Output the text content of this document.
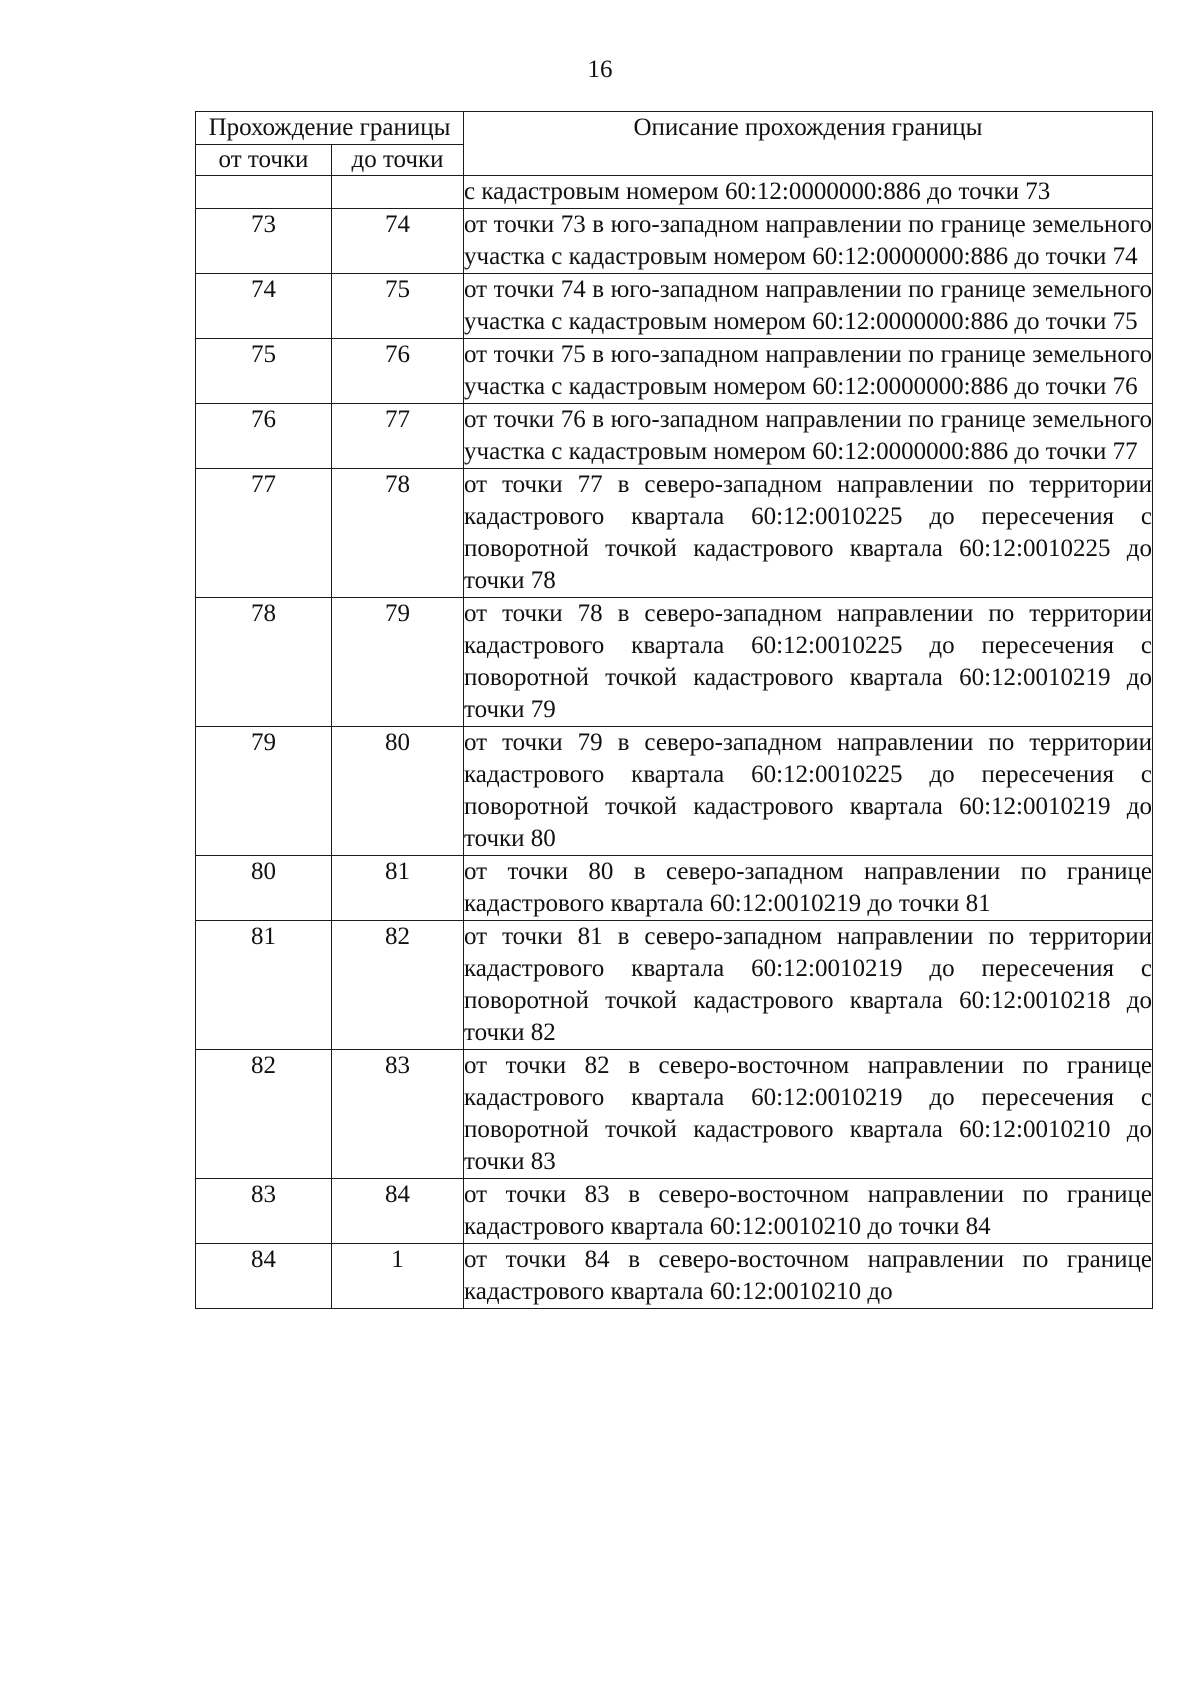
16
Прохождение границы		Описание прохождения границы
от точки	до точки	
		с кадастровым номером 60:12:0000000:886 до точки 73
73	74	от точки 73 в юго-западном направлении по границе земельного участка с кадастровым номером 60:12:0000000:886 до точки 74
74	75	от точки 74 в юго-западном направлении по границе земельного участка с кадастровым номером 60:12:0000000:886 до точки 75
75	76	от точки 75 в юго-западном направлении по границе земельного участка с кадастровым номером 60:12:0000000:886 до точки 76
76	77	от точки 76 в юго-западном направлении по границе земельного участка с кадастровым номером 60:12:0000000:886 до точки 77
77	78	от точки 77 в северо-западном направлении по территории кадастрового квартала 60:12:0010225 до пересечения с поворотной точкой кадастрового квартала 60:12:0010225 до точки 78
78	79	от точки 78 в северо-западном направлении по территории кадастрового квартала 60:12:0010225 до пересечения с поворотной точкой кадастрового квартала 60:12:0010219 до точки 79
79	80	от точки 79 в северо-западном направлении по территории кадастрового квартала 60:12:0010225 до пересечения с поворотной точкой кадастрового квартала 60:12:0010219 до точки 80
80	81	от точки 80 в северо-западном направлении по границе кадастрового квартала 60:12:0010219 до точки 81
81	82	от точки 81 в северо-западном направлении по территории кадастрового квартала 60:12:0010219 до пересечения с поворотной точкой кадастрового квартала 60:12:0010218 до точки 82
82	83	от точки 82 в северо-восточном направлении по границе кадастрового квартала 60:12:0010219 до пересечения с поворотной точкой кадастрового квартала 60:12:0010210 до точки 83
83	84	от точки 83 в северо-восточном направлении по границе кадастрового квартала 60:12:0010210 до точки 84
84	1	от точки 84 в северо-восточном направлении по границе кадастрового квартала 60:12:0010210 до
